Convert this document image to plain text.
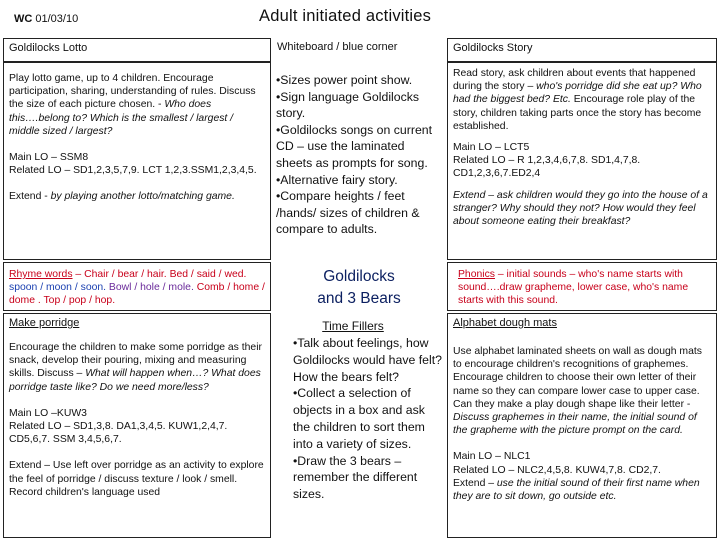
WC 01/03/10	Adult initiated activities
Goldilocks Lotto

Play lotto game, up to 4 children. Encourage participation, sharing, understanding of rules. Discuss the size of each picture chosen. - Who does this….belong to? Which is the smallest / largest / middle sized / largest?

Main LO – SSM8

Related LO – SD1,2,3,5,7,9. LCT 1,2,3.SSM1,2,3,4,5.

Extend - by playing another lotto/matching game.

Whiteboard / blue corner

•Sizes power point show.

•Sign language Goldilocks story.

•Goldilocks songs on current CD – use the laminated sheets as prompts for song.

•Alternative fairy story.

•Compare heights / feet /hands/ sizes of children & compare to adults.

Goldilocks Story

Read story, ask children about events that happened during the story – who's porridge did she eat up? Who had the biggest bed? Etc. Encourage role play of the story, children taking parts once the story has become established.

Main LO – LCT5

Related LO – R 1,2,3,4,6,7,8. SD1,4,7,8. CD1,2,3,6,7.ED2,4

Extend – ask children would they go into the house of a stranger? Why should they not? How would they feel about someone eating their breakfast?

Rhyme words – Chair / bear / hair. Bed / said / wed. spoon / moon / soon. Bowl / hole / mole. Comb / home / dome . Top / pop / hop.
Goldilocks
and 3 Bears
Phonics – initial sounds – who's name starts with sound….draw grapheme, lower case, who's name starts with this sound.
Make porridge

Encourage the children to make some porridge as their snack, develop their pouring, mixing and measuring skills. Discuss – What will happen when…? What does porridge taste like? Do we need more/less?

Main LO –KUW3

Related LO – SD1,3,8. DA1,3,4,5. KUW1,2,4,7. CD5,6,7. SSM 3,4,5,6,7.

Extend – Use left over porridge as an activity to explore the feel of porridge / discuss texture / look / smell. Record children's language used

Time Fillers

•Talk about feelings, how Goldilocks would have felt? How the bears felt?

•Collect a selection of objects in a box and ask the children to sort them into a variety of sizes.

•Draw the 3 bears – remember the different sizes.

Alphabet dough mats

Use alphabet laminated sheets on wall as dough mats to encourage children's recognitions of graphemes. Encourage children to choose their own letter of their name so they can compare lower case to upper case. Can they make a play dough shape like their letter - Discuss graphemes in their name, the initial sound of the grapheme with the picture prompt on the card.

Main LO – NLC1

Related LO – NLC2,4,5,8. KUW4,7,8. CD2,7.

Extend – use the initial sound of their first name when they are to sit down, go outside etc.
